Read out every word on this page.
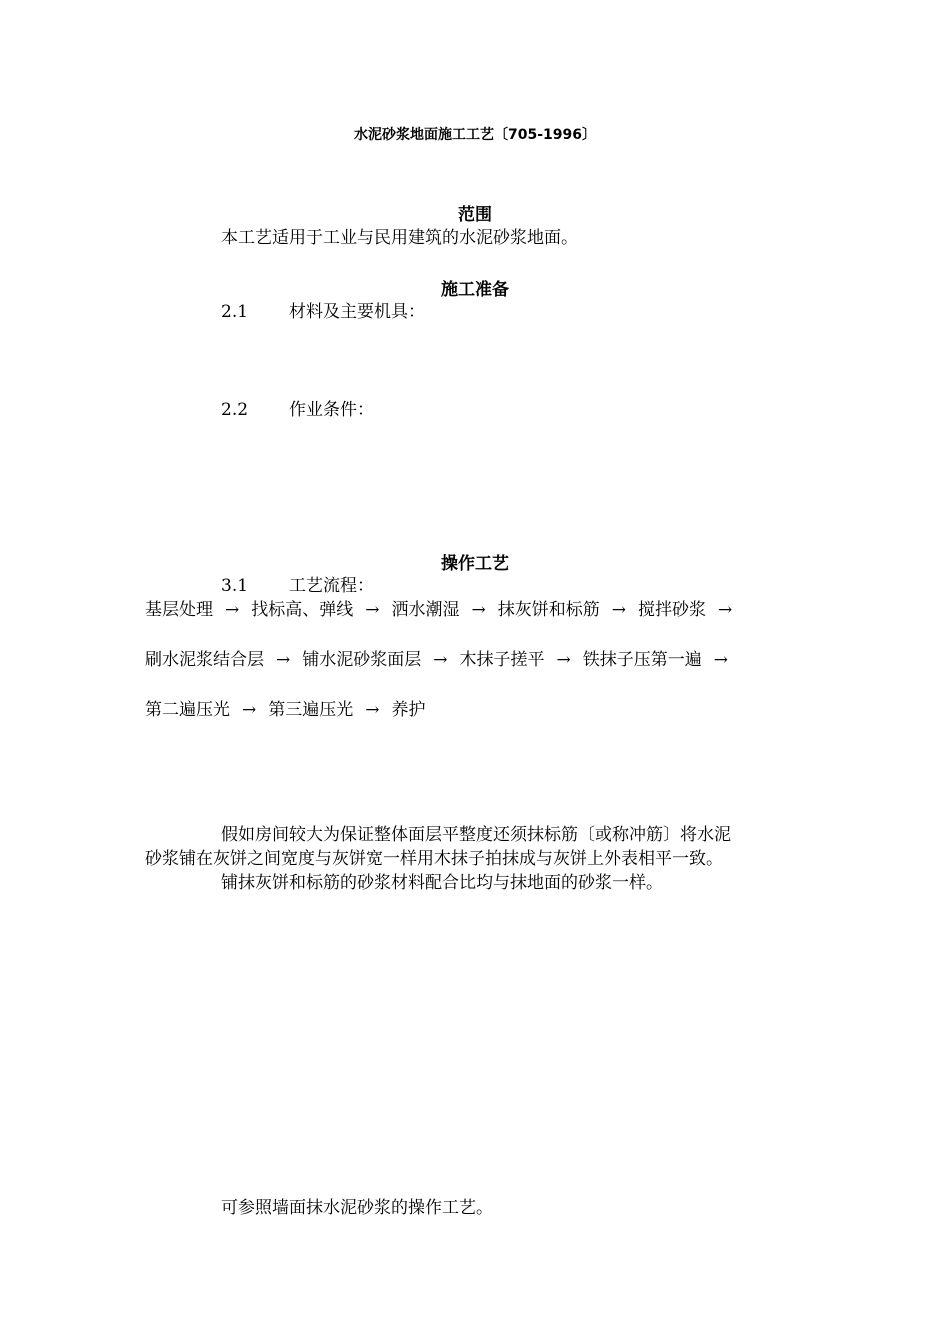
水泥砂浆地面施工工艺〔705-1996〕
范围
本工艺适用于工业与民用建筑的水泥砂浆地面。
施工准备
2.1 材料及主要机具：
2.2 作业条件：
操作工艺
3.1 工艺流程：
基层处理 → 找标高、弹线 → 洒水潮湿 → 抹灰饼和标筋 → 搅拌砂浆 →
刷水泥浆结合层 → 铺水泥砂浆面层 → 木抹子搓平 → 铁抹子压第一遍 →
第二遍压光 → 第三遍压光 → 养护
假如房间较大为保证整体面层平整度还须抹标筋〔或称冲筋〕将水泥
砂浆铺在灰饼之间宽度与灰饼宽一样用木抹子拍抹成与灰饼上外表相平一致。
铺抹灰饼和标筋的砂浆材料配合比均与抹地面的砂浆一样。
可参照墙面抹水泥砂浆的操作工艺。
